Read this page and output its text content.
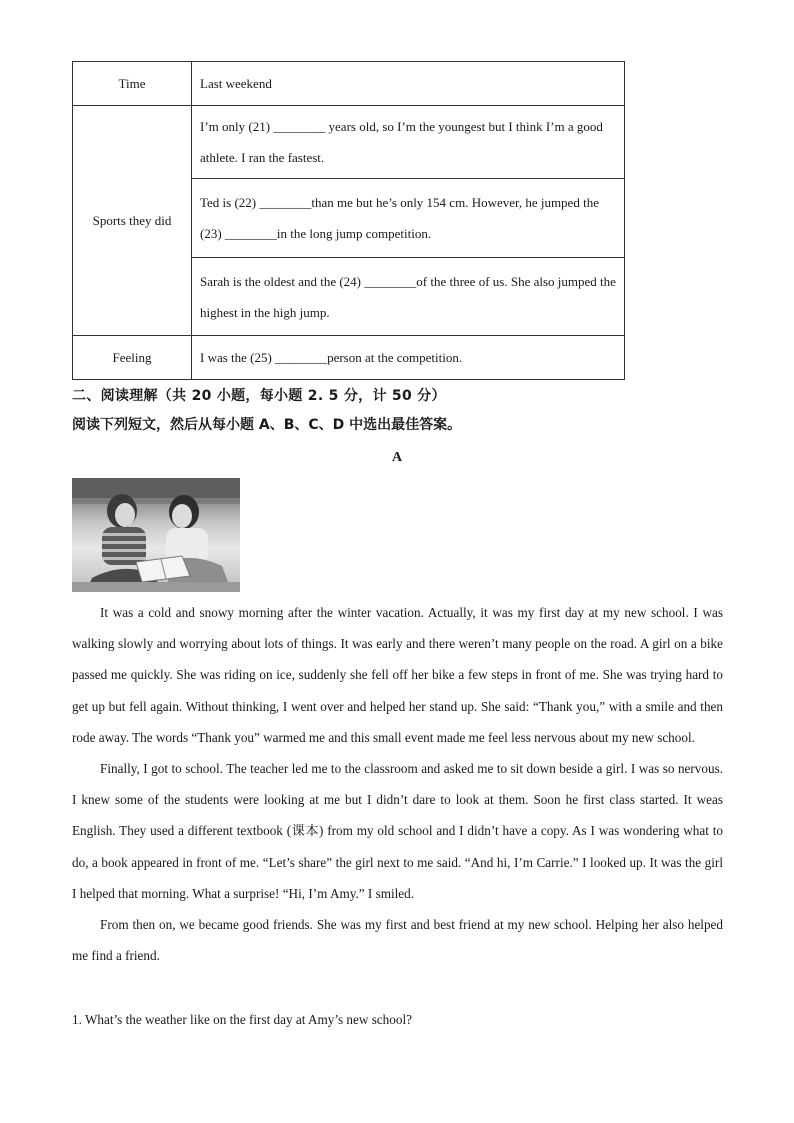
Time	Last weekend
Sports they did	I’m only (21) ________ years old, so I’m the youngest but I think I’m a good athlete. I ran the fastest.
	Ted is (22) ________than me but he’s only 154 cm. However, he jumped the (23) ________in the long jump competition.
	Sarah is the oldest and the (24) ________of the three of us. She also jumped the highest in the high jump.
Feeling	I was the (25) ________person at the competition.
二、阅读理解（共 20 小题，每小题 2. 5 分，计 50 分）
阅读下列短文，然后从每小题 A、B、C、D 中选出最佳答案。
A

It was a cold and snowy morning after the winter vacation. Actually, it was my first day at my new school. I was walking slowly and worrying about lots of things. It was early and there weren’t many people on the road. A girl on a bike passed me quickly. She was riding on ice, suddenly she fell off her bike a few steps in front of me. She was trying hard to get up but fell again. Without thinking, I went over and helped her stand up. She said: “Thank you,” with a smile and then rode away. The words “Thank you” warmed me and this small event made me feel less nervous about my new school.

Finally, I got to school. The teacher led me to the classroom and asked me to sit down beside a girl. I was so nervous. I knew some of the students were looking at me but I didn’t dare to look at them. Soon he first class started. It weas English. They used a different textbook (课本) from my old school and I didn’t have a copy. As I was wondering what to do, a book appeared in front of me. “Let’s share” the girl next to me said. “And hi, I’m Carrie.” I looked up. It was the girl I helped that morning. What a surprise! “Hi, I’m Amy.” I smiled.

From then on, we became good friends. She was my first and best friend at my new school. Helping her also helped me find a friend.

1. What’s the weather like on the first day at Amy’s new school?
